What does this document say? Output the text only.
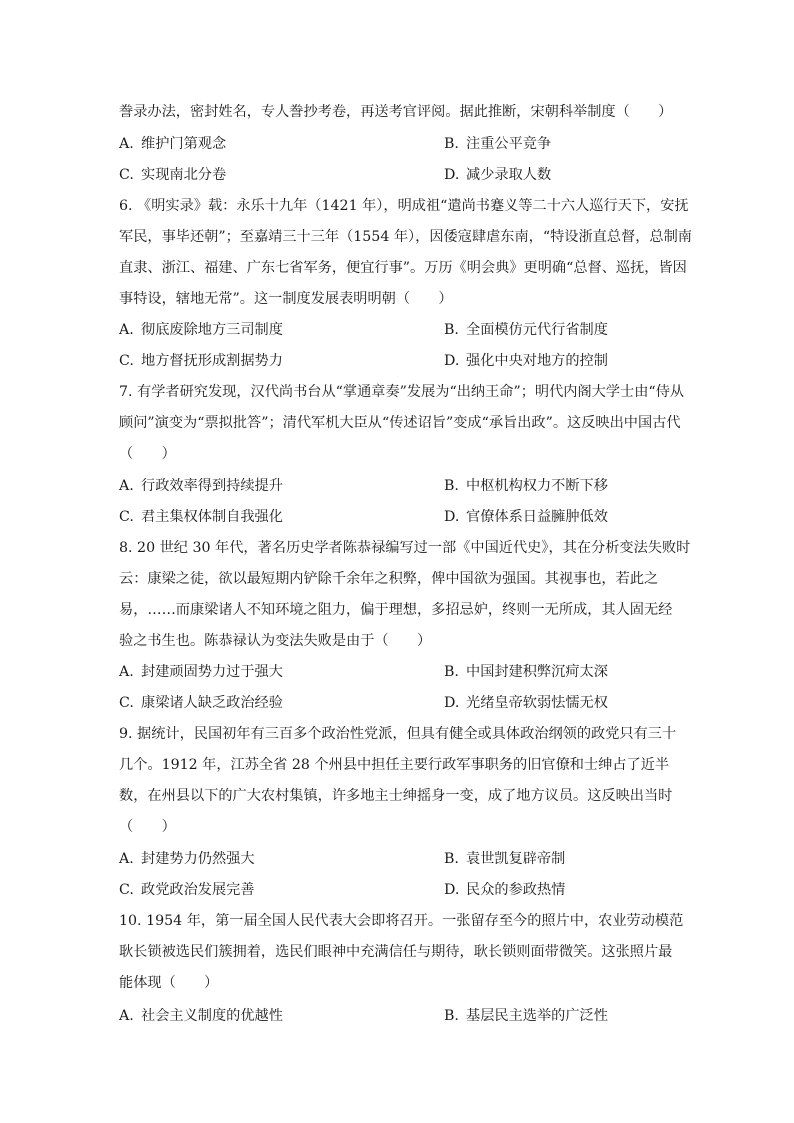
誊录办法，密封姓名，专人誊抄考卷，再送考官评阅。据此推断，宋朝科举制度（　　）
A. 维护门第观念	B. 注重公平竞争
C. 实现南北分卷	D. 减少录取人数
6. 《明实录》载：永乐十九年（1421 年），明成祖“遣尚书蹇义等二十六人巡行天下，安抚
军民，事毕还朝”；至嘉靖三十三年（1554 年），因倭寇肆虐东南，“特设浙直总督，总制南
直隶、浙江、福建、广东七省军务，便宜行事”。万历《明会典》更明确“总督、巡抚，皆因
事特设，辖地无常”。这一制度发展表明明朝（　　）
A. 彻底废除地方三司制度	B. 全面模仿元代行省制度
C. 地方督抚形成割据势力	D. 强化中央对地方的控制
7. 有学者研究发现，汉代尚书台从“掌通章奏”发展为“出纳王命”；明代内阁大学士由“侍从
顾问”演变为“票拟批答”；清代军机大臣从“传述诏旨”变成“承旨出政”。这反映出中国古代
（　　）
A. 行政效率得到持续提升	B. 中枢机构权力不断下移
C. 君主集权体制自我强化	D. 官僚体系日益臃肿低效
8. 20 世纪 30 年代，著名历史学者陈恭禄编写过一部《中国近代史》，其在分析变法失败时
云：康梁之徒，欲以最短期内铲除千余年之积弊，俾中国欲为强国。其视事也，若此之
易，……而康梁诸人不知环境之阻力，偏于理想，多招忌妒，终则一无所成，其人固无经
验之书生也。陈恭禄认为变法失败是由于（　　）
A. 封建顽固势力过于强大	B. 中国封建积弊沉疴太深
C. 康梁诸人缺乏政治经验	D. 光绪皇帝软弱怯懦无权
9. 据统计，民国初年有三百多个政治性党派，但具有健全或具体政治纲领的政党只有三十
几个。1912 年，江苏全省 28 个州县中担任主要行政军事职务的旧官僚和士绅占了近半
数，在州县以下的广大农村集镇，许多地主士绅摇身一变，成了地方议员。这反映出当时
（　　）
A. 封建势力仍然强大	B. 袁世凯复辟帝制
C. 政党政治发展完善	D. 民众的参政热情
10. 1954 年，第一届全国人民代表大会即将召开。一张留存至今的照片中，农业劳动模范
耿长锁被选民们簇拥着，选民们眼神中充满信任与期待，耿长锁则面带微笑。这张照片最
能体现（　　）
A. 社会主义制度的优越性	B. 基层民主选举的广泛性
